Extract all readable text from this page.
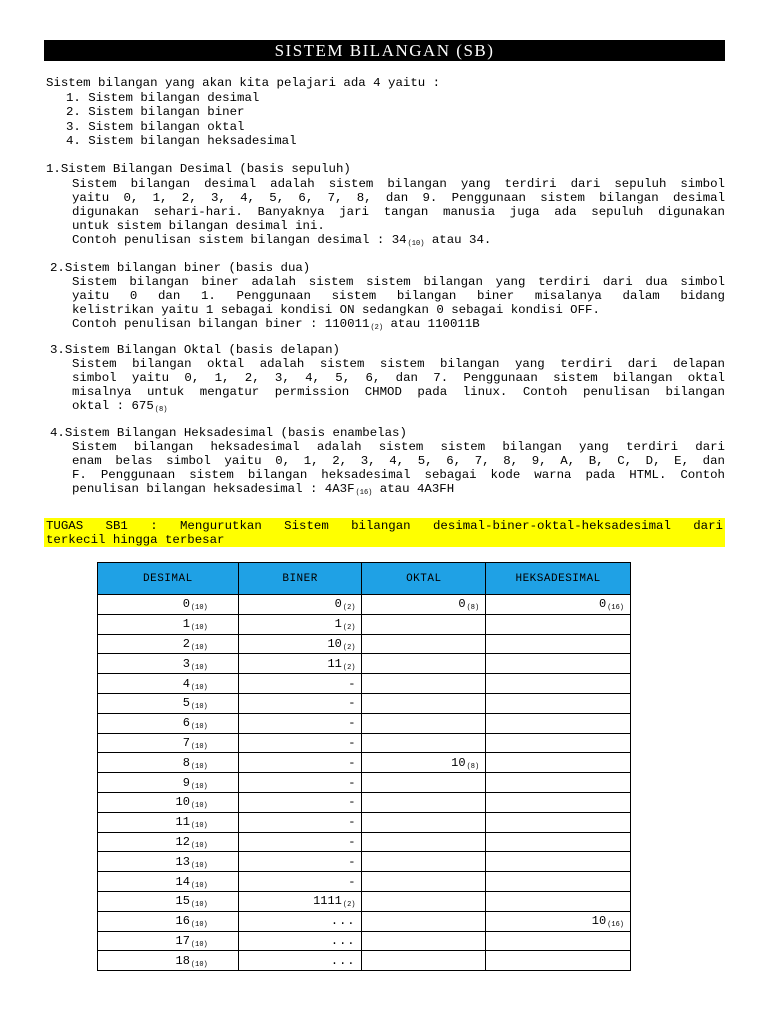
SISTEM BILANGAN (SB)
Sistem bilangan yang akan kita pelajari ada 4 yaitu :
1. Sistem bilangan desimal
2. Sistem bilangan biner
3. Sistem bilangan oktal
4. Sistem bilangan heksadesimal
1.Sistem Bilangan Desimal (basis sepuluh)
Sistem bilangan desimal adalah sistem bilangan yang terdiri dari sepuluh simbol
yaitu 0, 1, 2, 3, 4, 5, 6, 7, 8, dan 9. Penggunaan sistem bilangan desimal
digunakan sehari-hari. Banyaknya jari tangan manusia juga ada sepuluh digunakan
untuk sistem bilangan desimal ini.
Contoh penulisan sistem bilangan desimal : $34_{(10)}$ atau 34.
2.Sistem bilangan biner (basis dua)
Sistem bilangan biner adalah sistem sistem bilangan yang terdiri dari dua simbol
yaitu 0 dan 1. Penggunaan sistem bilangan biner misalanya dalam bidang
kelistrikan yaitu 1 sebagai kondisi ON sedangkan 0 sebagai kondisi OFF.
Contoh penulisan bilangan biner : $110011_{(2)}$ atau 110011B
3.Sistem Bilangan Oktal (basis delapan)
Sistem bilangan oktal adalah sistem sistem bilangan yang terdiri dari delapan
simbol yaitu 0, 1, 2, 3, 4, 5, 6, dan 7. Penggunaan sistem bilangan oktal
misalnya untuk mengatur permission CHMOD pada linux. Contoh penulisan bilangan
oktal : $675_{(8)}$
4.Sistem Bilangan Heksadesimal (basis enambelas)
Sistem bilangan heksadesimal adalah sistem sistem bilangan yang terdiri dari
enam belas simbol yaitu 0, 1, 2, 3, 4, 5, 6, 7, 8, 9, A, B, C, D, E, dan
F. Penggunaan sistem bilangan heksadesimal sebagai kode warna pada HTML. Contoh
penulisan bilangan heksadesimal : $4A3F_{(16)}$ atau 4A3FH
TUGAS SB1 : Mengurutkan Sistem bilangan desimal-biner-oktal-heksadesimal dari
terkecil hingga terbesar
DESIMAL	BINER	OKTAL	HEKSADESIMAL
$0_{(10)}$	$0_{(2)}$	$0_{(8)}$	$0_{(16)}$
$1_{(10)}$	$1_{(2)}$		
$2_{(10)}$	$10_{(2)}$		
$3_{(10)}$	$11_{(2)}$		
$4_{(10)}$	-		
$5_{(10)}$	-		
$6_{(10)}$	-		
$7_{(10)}$	-		
$8_{(10)}$	-	$10_{(8)}$	
$9_{(10)}$	-		
$10_{(10)}$	-		
$11_{(10)}$	-		
$12_{(10)}$	-		
$13_{(10)}$	-		
$14_{(10)}$	-		
$15_{(10)}$	$1111_{(2)}$		
$16_{(10)}$	...		$10_{(16)}$
$17_{(10)}$	...		
$18_{(10)}$	...		
